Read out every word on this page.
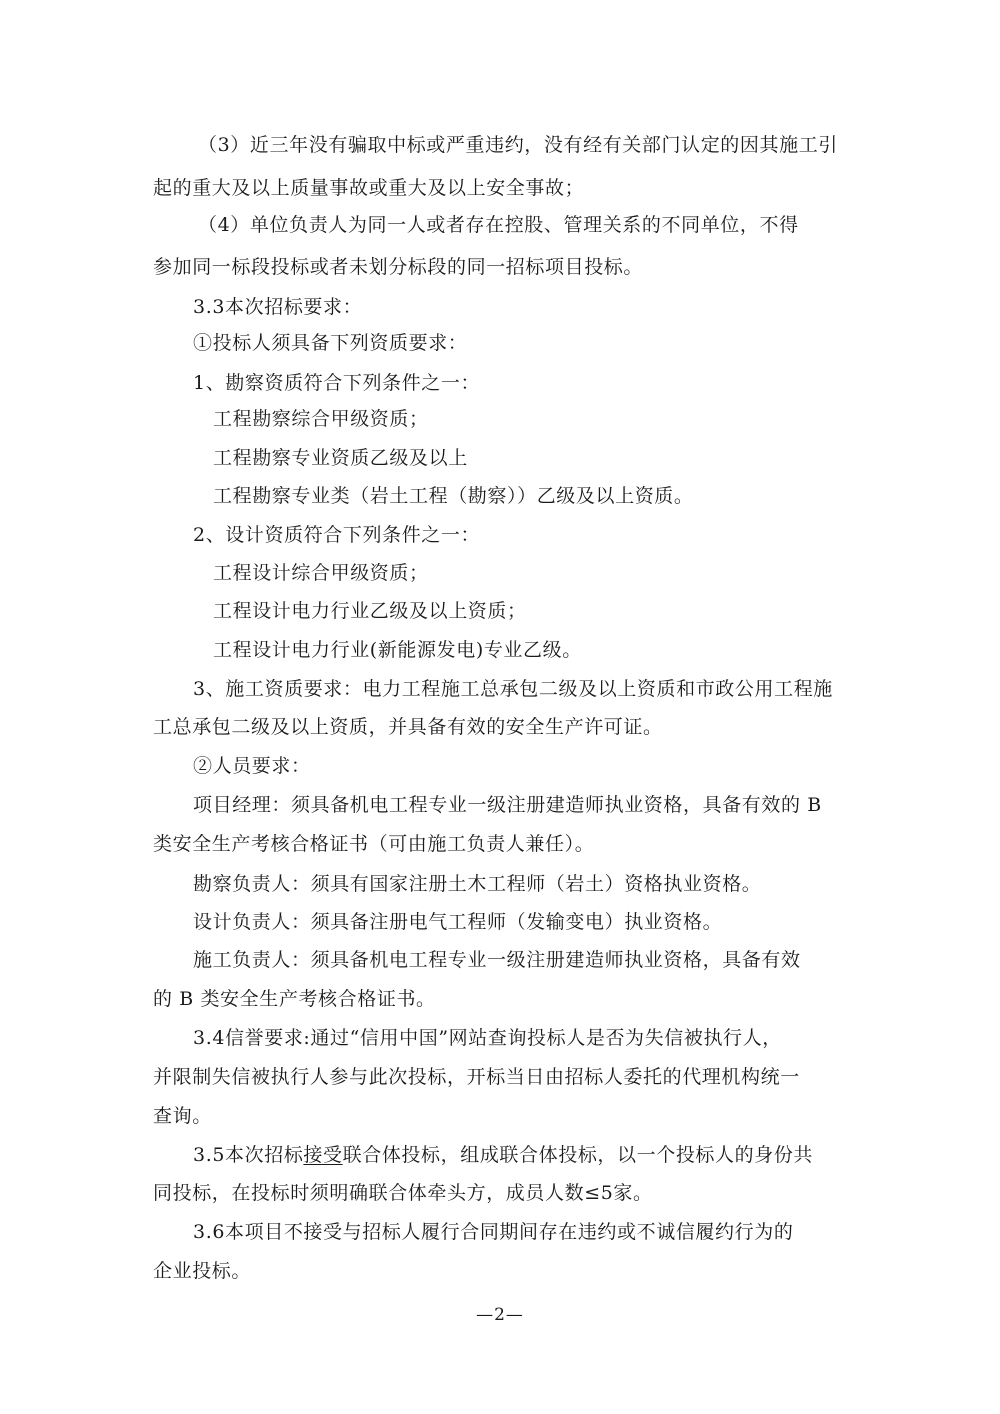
（3）近三年没有骗取中标或严重违约，没有经有关部门认定的因其施工引
起的重大及以上质量事故或重大及以上安全事故；
（4）单位负责人为同一人或者存在控股、管理关系的不同单位，不得
参加同一标段投标或者未划分标段的同一招标项目投标。
3.3本次招标要求：
①投标人须具备下列资质要求：
1、勘察资质符合下列条件之一：
工程勘察综合甲级资质；
工程勘察专业资质乙级及以上
工程勘察专业类（岩土工程（勘察））乙级及以上资质。
2、设计资质符合下列条件之一：
工程设计综合甲级资质；
工程设计电力行业乙级及以上资质；
工程设计电力行业(新能源发电)专业乙级。
3、施工资质要求：电力工程施工总承包二级及以上资质和市政公用工程施
工总承包二级及以上资质，并具备有效的安全生产许可证。
②人员要求：
项目经理：须具备机电工程专业一级注册建造师执业资格，具备有效的 B
类安全生产考核合格证书（可由施工负责人兼任）。
勘察负责人：须具有国家注册土木工程师（岩土）资格执业资格。
设计负责人：须具备注册电气工程师（发输变电）执业资格。
施工负责人：须具备机电工程专业一级注册建造师执业资格，具备有效
的 B 类安全生产考核合格证书。
3.4信誉要求:通过“信用中国”网站查询投标人是否为失信被执行人，
并限制失信被执行人参与此次投标，开标当日由招标人委托的代理机构统一
查询。
3.5本次招标接受联合体投标，组成联合体投标，以一个投标人的身份共
同投标，在投标时须明确联合体牵头方，成员人数≤5家。
3.6本项目不接受与招标人履行合同期间存在违约或不诚信履约行为的
企业投标。
—2—
